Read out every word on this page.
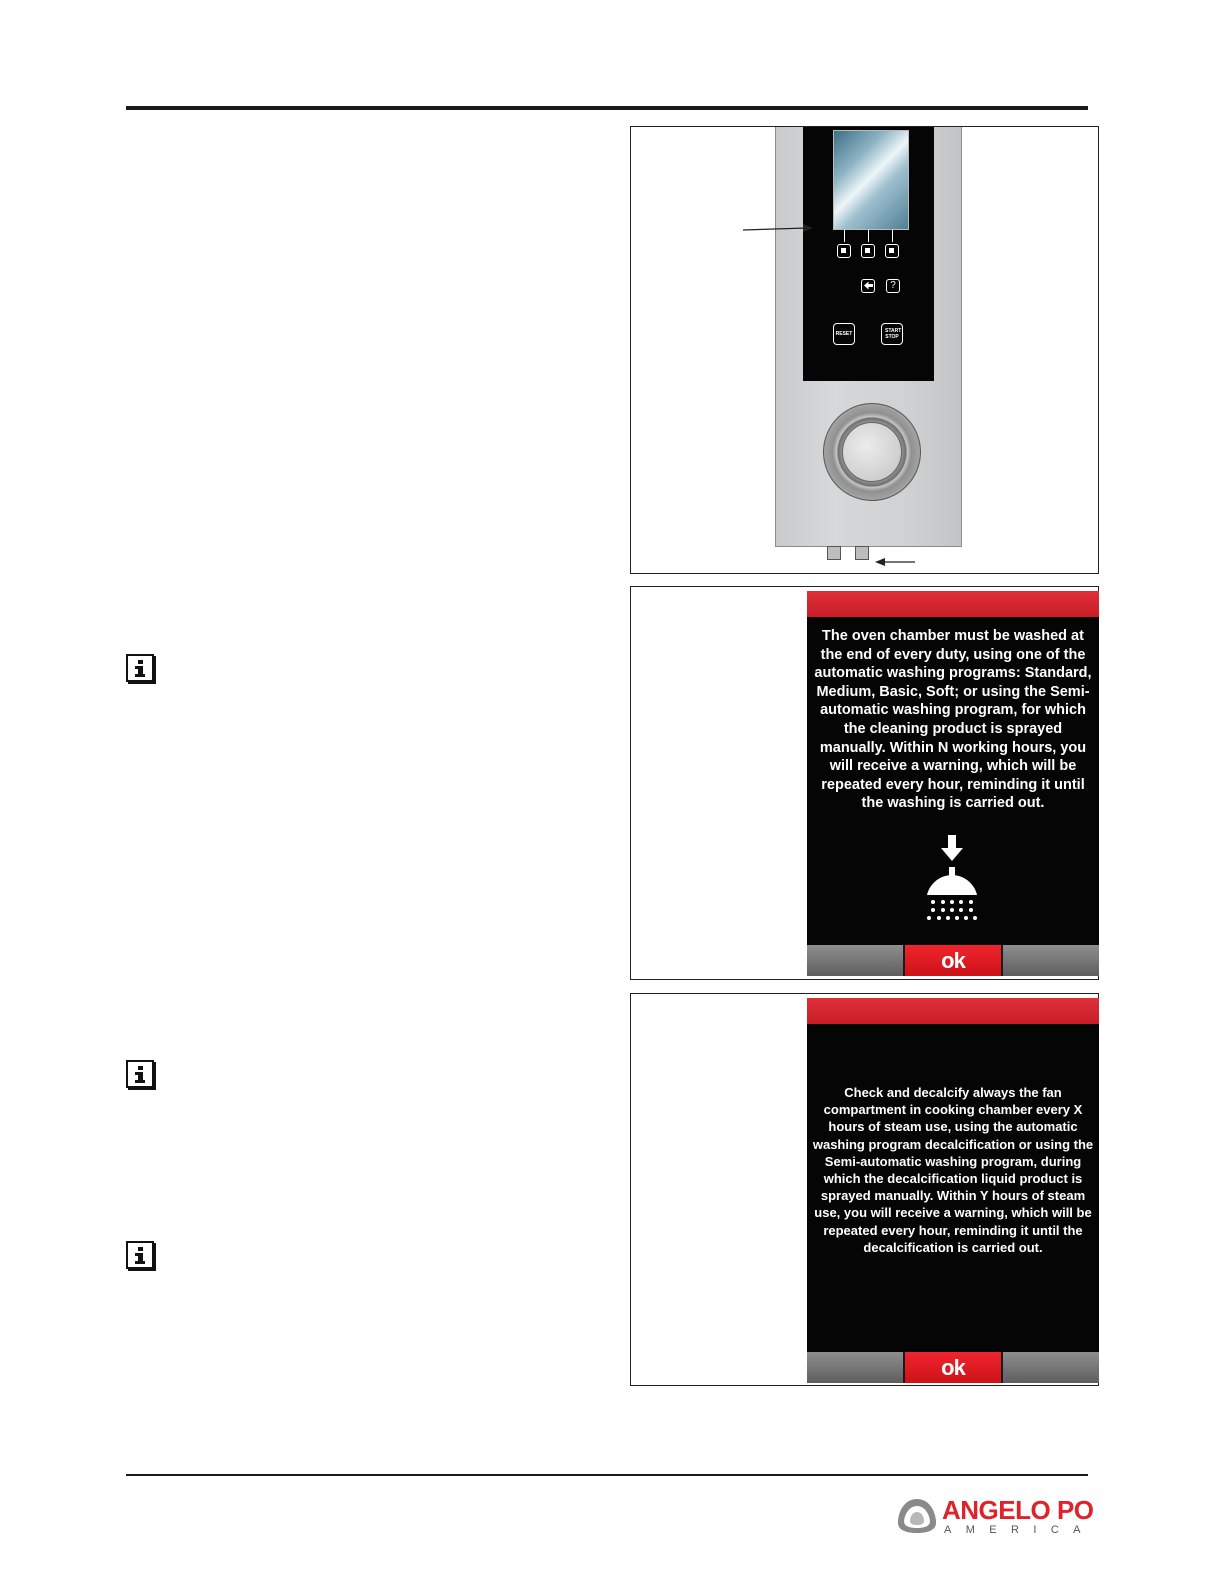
?
RESET	START STOP
The oven chamber must be washed at the end of every duty, using one of the automatic washing programs: Standard, Medium, Basic, Soft; or using the Semi-automatic washing program, for which the cleaning product is sprayed manually. Within N working hours, you will receive a warning, which will be repeated every hour, reminding it until the washing is carried out.
ok
Check and decalcify always the fan compartment in cooking chamber every X hours of steam use, using the automatic washing program decalcification or using the Semi-automatic washing program, during which the decalcification liquid product is sprayed manually. Within Y hours of steam use, you will receive a warning, which will be repeated every hour, reminding it until the decalcification is carried out.
ok
ANGELO PO
AMERICA
